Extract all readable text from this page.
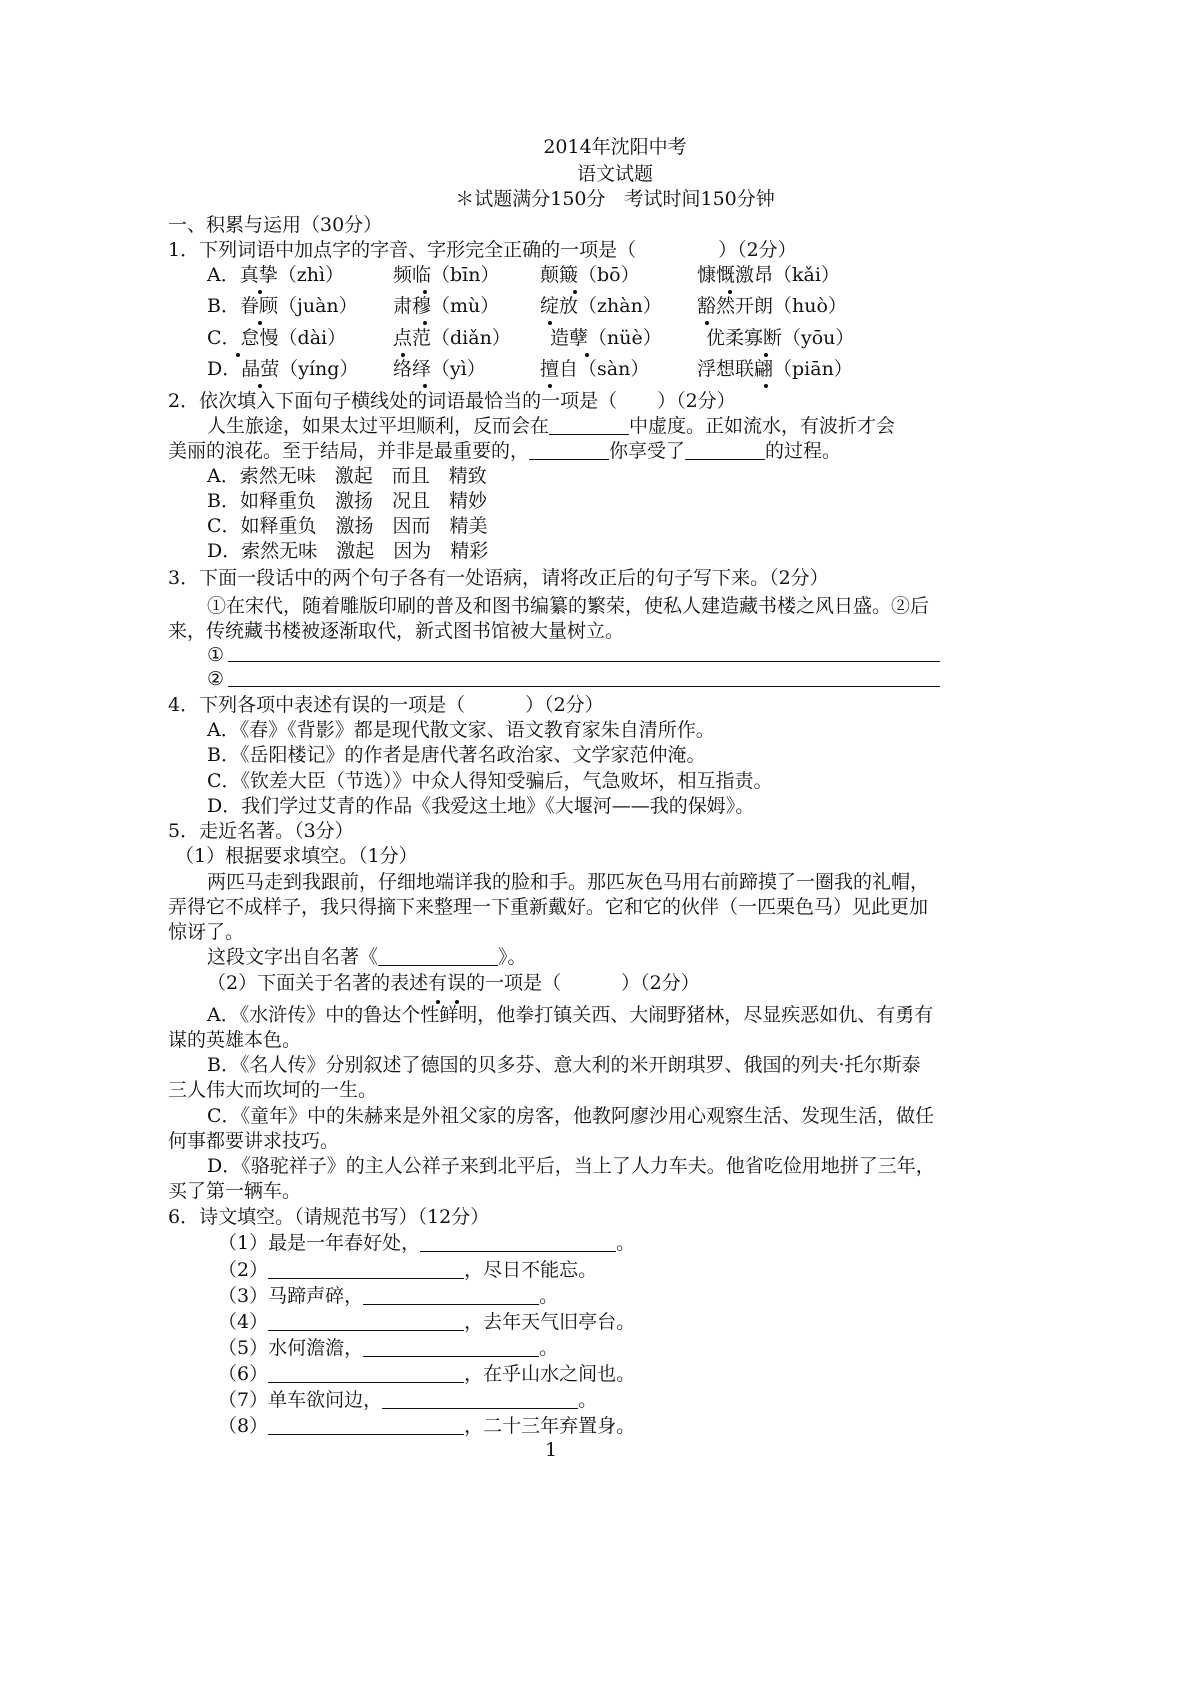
2014年沈阳中考
语文试题
＊试题满分150分　考试时间150分钟
一、积累与运用（30分）
1．下列词语中加点字的字音、字形完全正确的一项是（	）（2分）
A．真挚（zhì）	频临（bīn） 颠簸（bō）	慷慨激昂（kǎi）
B．眷顾（juàn） 肃穆（mù） 绽放（zhàn） 豁然开朗（huò）
C．怠慢（dài） 点范（diǎn） 造孽（nüè） 优柔寡断（yōu）
D．晶萤（yíng） 络绎（yì）	擅自（sàn）	浮想联翩（piān）
2．依次填入下面句子横线处的词语最恰当的一项是（ ）（2分）
人生旅途，如果太过平坦顺利，反而会在	中虚度。正如流水，有波折才会
美丽的浪花。至于结局，并非是最重要的，	你享受了	的过程。
A．索然无味　激起　而且　精致
B．如释重负　激扬　况且　精妙
C．如释重负　激扬　因而　精美
D．索然无味　激起　因为　精彩
3．下面一段话中的两个句子各有一处语病，请将改正后的句子写下来。（2分）
①在宋代，随着雕版印刷的普及和图书编纂的繁荣，使私人建造藏书楼之风日盛。②后
来，传统藏书楼被逐渐取代，新式图书馆被大量树立。
①
②
4．下列各项中表述有误的一项是（	）（2分）
A．《春》《背影》都是现代散文家、语文教育家朱自清所作。
B．《岳阳楼记》的作者是唐代著名政治家、文学家范仲淹。
C．《钦差大臣（节选）》中众人得知受骗后，气急败坏，相互指责。
D．我们学过艾青的作品《我爱这土地》《大堰河——我的保姆》。
5．走近名著。（3分）
（1）根据要求填空。（1分）
两匹马走到我跟前，仔细地端详我的脸和手。那匹灰色马用右前蹄摸了一圈我的礼帽，
弄得它不成样子，我只得摘下来整理一下重新戴好。它和它的伙伴（一匹栗色马）见此更加
惊讶了。
这段文字出自名著《	》。
（2）下面关于名著的表述有误的一项是（	）（2分）
A．《水浒传》中的鲁达个性鲜明，他拳打镇关西、大闹野猪林，尽显疾恶如仇、有勇有
谋的英雄本色。
B．《名人传》分别叙述了德国的贝多芬、意大利的米开朗琪罗、俄国的列夫·托尔斯泰
三人伟大而坎坷的一生。
C．《童年》中的朱赫来是外祖父家的房客，他教阿廖沙用心观察生活、发现生活，做任
何事都要讲求技巧。
D．《骆驼祥子》的主人公祥子来到北平后，当上了人力车夫。他省吃俭用地拼了三年，
买了第一辆车。
6．诗文填空。（请规范书写）（12分）
（1）最是一年春好处，	。
（2）	，尽日不能忘。
（3）马蹄声碎，	。
（4）	，去年天气旧亭台。
（5）水何澹澹，	。
（6）	，在乎山水之间也。
（7）单车欲问边，	。
（8）	，二十三年弃置身。
1
